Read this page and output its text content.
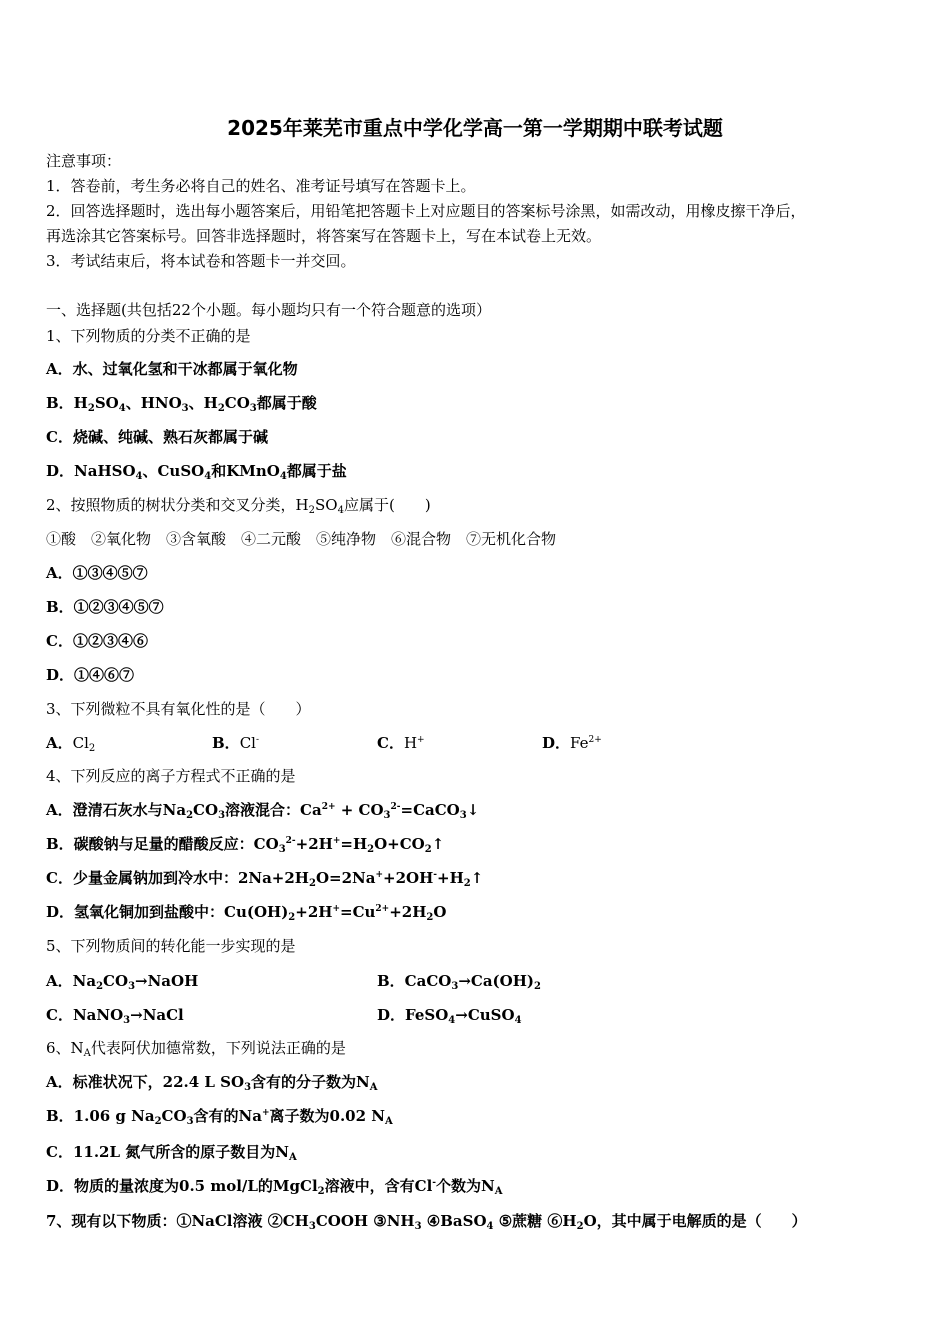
2025年莱芜市重点中学化学高一第一学期期中联考试题
注意事项：
1．答卷前，考生务必将自己的姓名、准考证号填写在答题卡上。
2．回答选择题时，选出每小题答案后，用铅笔把答题卡上对应题目的答案标号涂黑，如需改动，用橡皮擦干净后，
再选涂其它答案标号。回答非选择题时，将答案写在答题卡上，写在本试卷上无效。
3．考试结束后，将本试卷和答题卡一并交回。
一、选择题(共包括22个小题。每小题均只有一个符合题意的选项）
1、下列物质的分类不正确的是
A．水、过氧化氢和干冰都属于氧化物
B．$H_2SO_4$、$HNO_3$、$H_2CO_3$都属于酸
C．烧碱、纯碱、熟石灰都属于碱
D．NaHSO$_4$、CuSO$_4$和KMnO$_4$都属于盐
2、按照物质的树状分类和交叉分类，$H_2SO_4$应属于(　　)
①酸　②氧化物　③含氧酸　④二元酸　⑤纯净物　⑥混合物　⑦无机化合物
A．①③④⑤⑦
B．①②③④⑤⑦
C．①②③④⑥
D．①④⑥⑦
3、下列微粒不具有氧化性的是（　　）
A．$Cl_2$	B．Cl-	C．H+	D．$Fe^{2+}$
4、下列反应的离子方程式不正确的是
A．澄清石灰水与$Na_2CO_3$溶液混合：$Ca^{2+}$ + $CO_3^{2-}=CaCO_3↓$
B．碳酸钠与足量的醋酸反应：$CO_3^{2-}+2H^+=H_2O+CO_2↑$
C．少量金属钠加到冷水中：$2Na+2H_2O=2Na^++2OH^-+H_2↑$
D．氢氧化铜加到盐酸中：$Cu(OH)_2+2H^+=Cu^{2+}+2H_2O$
5、下列物质间的转化能一步实现的是
A．$Na_2CO_3\to NaOH$	B．$CaCO_3\to Ca(OH)_2$
C．NaNO$_3$→NaCl	D．FeSO$_4$→CuSO$_4$
6、$N_A$代表阿伏加德常数，下列说法正确的是
A．标准状况下，22.4 L $SO_3$含有的分子数为$N_A$
B．1.06 g $Na_2CO_3$含有的Na+离子数为0.02 $N_A$
C．11.2L 氮气所含的原子数目为$N_A$
D．物质的量浓度为0.5 mol/L的MgCl$_2$溶液中，含有Cl-个数为$N_A$
7、现有以下物质：①NaCl溶液 $②CH_3COOH$ $③NH_3$ ④BaSO$_4$ ⑤蔗糖 $⑥H_2O$，其中属于电解质的是（　　）
